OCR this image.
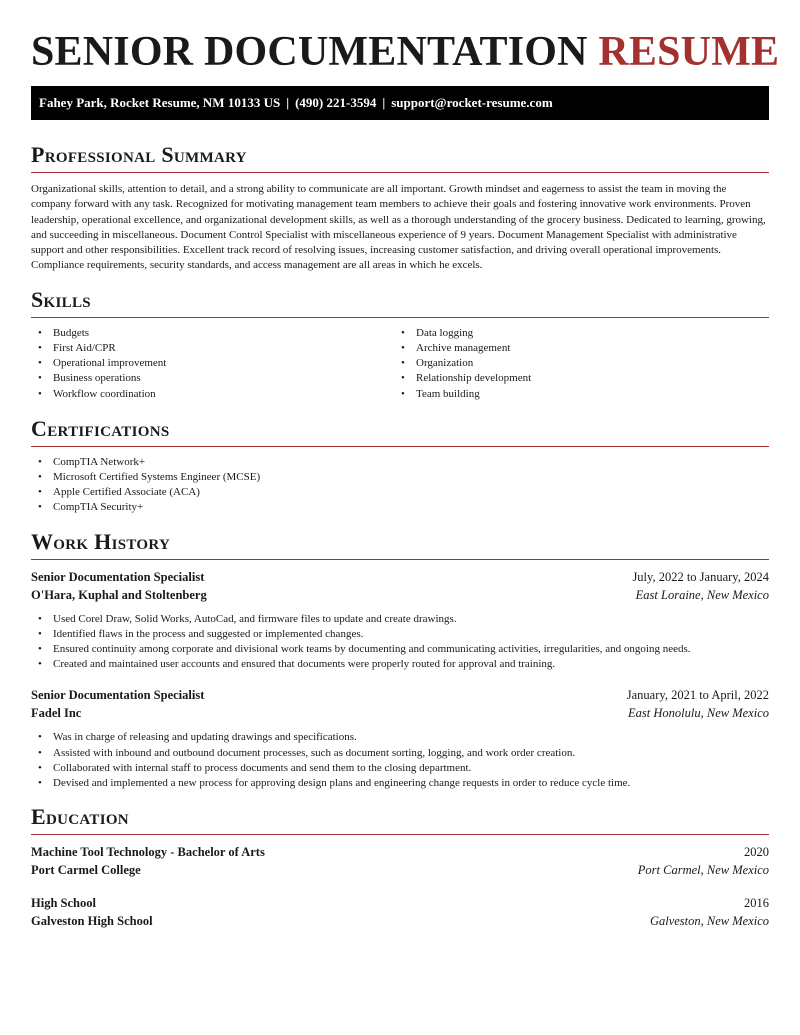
SENIOR DOCUMENTATION RESUME
Fahey Park, Rocket Resume, NM 10133 US | (490) 221-3594 | support@rocket-resume.com
Professional Summary

Organizational skills, attention to detail, and a strong ability to communicate are all important. Growth mindset and eagerness to assist the team in moving the company forward with any task. Recognized for motivating management team members to achieve their goals and fostering innovative work environments. Proven leadership, operational excellence, and organizational development skills, as well as a thorough understanding of the grocery business. Dedicated to learning, growing, and succeeding in miscellaneous. Document Control Specialist with miscellaneous experience of 9 years. Document Management Specialist with administrative support and other responsibilities. Excellent track record of resolving issues, increasing customer satisfaction, and driving overall operational improvements. Compliance requirements, security standards, and access management are all areas in which he excels.

Skills
• Budgets
• First Aid/CPR
• Operational improvement
• Business operations
• Workflow coordination
• Data logging
• Archive management
• Organization
• Relationship development
• Team building
Certifications
• CompTIA Network+
• Microsoft Certified Systems Engineer (MCSE)
• Apple Certified Associate (ACA)
• CompTIA Security+
Work History
Senior Documentation Specialist	July, 2022 to January, 2024
O'Hara, Kuphal and Stoltenberg	East Loraine, New Mexico
• Used Corel Draw, Solid Works, AutoCad, and firmware files to update and create drawings.
• Identified flaws in the process and suggested or implemented changes.
• Ensured continuity among corporate and divisional work teams by documenting and communicating activities, irregularities, and ongoing needs.
• Created and maintained user accounts and ensured that documents were properly routed for approval and training.
Senior Documentation Specialist	January, 2021 to April, 2022
Fadel Inc	East Honolulu, New Mexico
• Was in charge of releasing and updating drawings and specifications.
• Assisted with inbound and outbound document processes, such as document sorting, logging, and work order creation.
• Collaborated with internal staff to process documents and send them to the closing department.
• Devised and implemented a new process for approving design plans and engineering change requests in order to reduce cycle time.
Education
Machine Tool Technology - Bachelor of Arts	2020
Port Carmel College	Port Carmel, New Mexico
High School	2016
Galveston High School	Galveston, New Mexico
